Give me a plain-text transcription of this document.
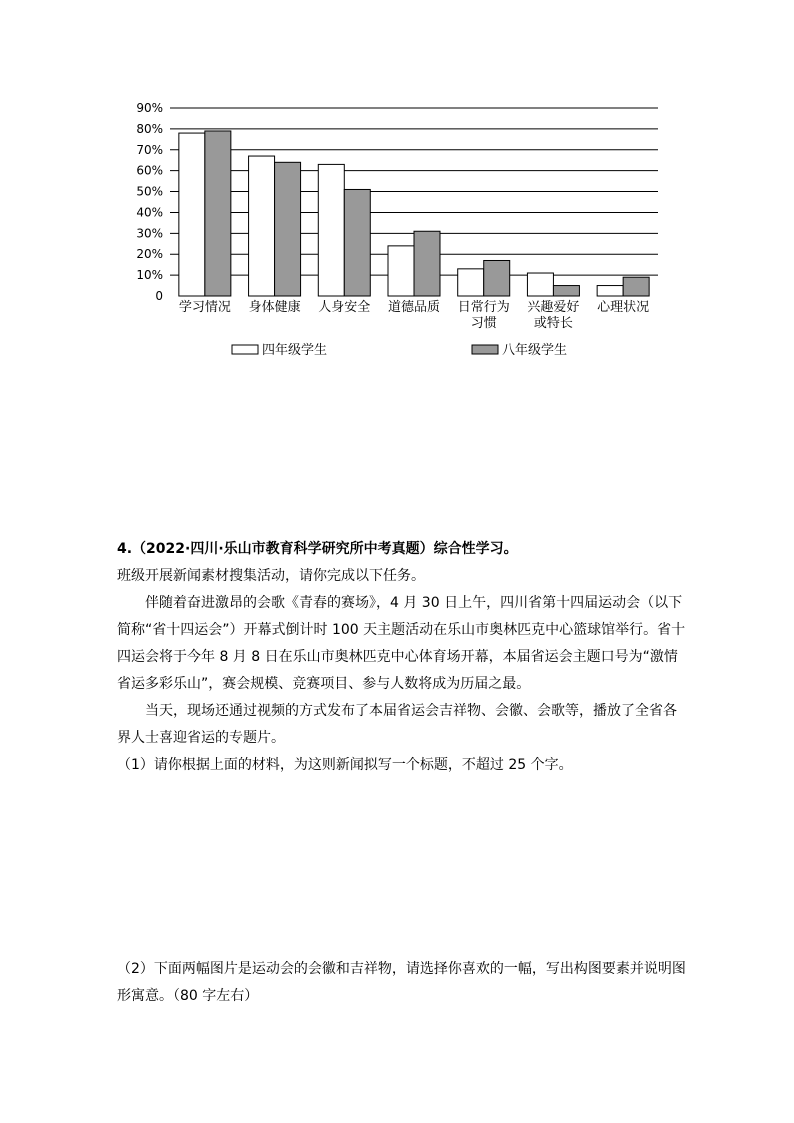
0
10%
20%
30%
40%
50%
60%
70%
80%
90%
学习情况 身体健康 人身安全 道德品质 日常行为
习惯
兴趣爱好
或特长
心理状况
四年级学生	八年级学生
4.（2022·四川·乐山市教育科学研究所中考真题）综合性学习。
班级开展新闻素材搜集活动，请你完成以下任务。

伴随着奋进激昂的会歌《青春的赛场》，4 月 30 日上午，四川省第十四届运动会（以下简称“省十四运会”）开幕式倒计时 100 天主题活动在乐山市奥林匹克中心篮球馆举行。省十四运会将于今年 8 月 8 日在乐山市奥林匹克中心体育场开幕，本届省运会主题口号为“激情省运多彩乐山”，赛会规模、竞赛项目、参与人数将成为历届之最。

当天，现场还通过视频的方式发布了本届省运会吉祥物、会徽、会歌等，播放了全省各界人士喜迎省运的专题片。

（1）请你根据上面的材料，为这则新闻拟写一个标题，不超过 25 个字。
（2）下面两幅图片是运动会的会徽和吉祥物，请选择你喜欢的一幅，写出构图要素并说明图形寓意。（80 字左右）
